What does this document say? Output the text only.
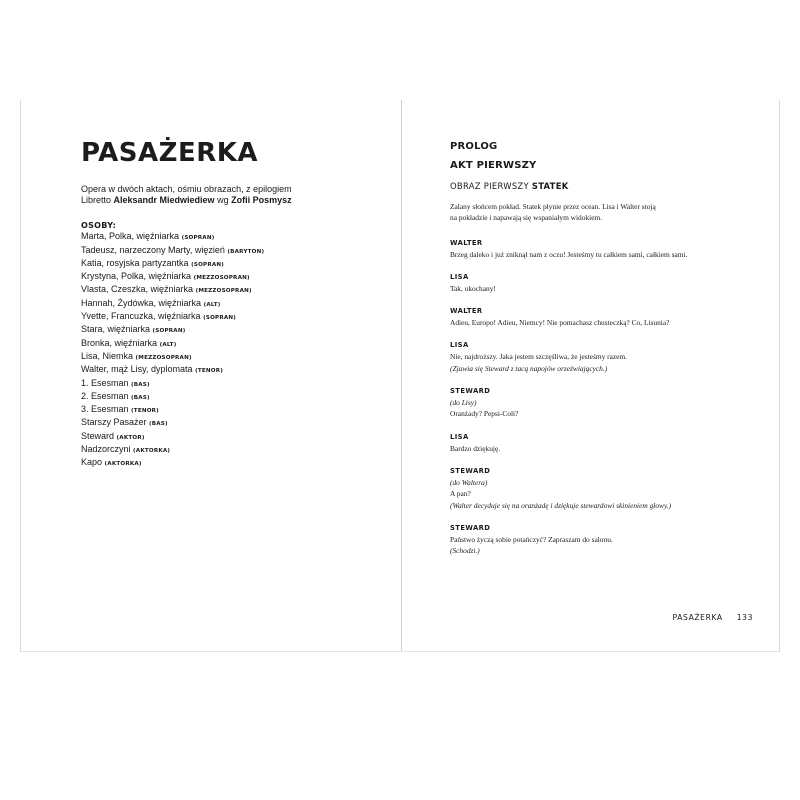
PASAŻERKA
Opera w dwóch aktach, ośmiu obrazach, z epilogiem
Libretto Aleksandr Miedwiediew wg Zofii Posmysz
OSOBY:
Marta, Polka, więźniarka (SOPRAN)
Tadeusz, narzeczony Marty, więzień (BARYTON)
Katia, rosyjska partyzantka (SOPRAN)
Krystyna, Polka, więźniarka (MEZZOSOPRAN)
Vlasta, Czeszka, więźniarka (MEZZOSOPRAN)
Hannah, Żydówka, więźniarka (ALT)
Yvette, Francuzka, więźniarka (SOPRAN)
Stara, więźniarka (SOPRAN)
Bronka, więźniarka (ALT)
Lisa, Niemka (MEZZOSOPRAN)
Walter, mąż Lisy, dyplomata (TENOR)
1. Esesman (BAS)
2. Esesman (BAS)
3. Esesman (TENOR)
Starszy Pasażer (BAS)
Steward (AKTOR)
Nadzorczyni (AKTORKA)
Kapo (AKTORKA)
PROLOG
AKT PIERWSZY
OBRAZ PIERWSZY STATEK
Zalany słońcem pokład. Statek płynie przez ocean. Lisa i Walter stoją
na pokładzie i napawają się wspaniałym widokiem.
WALTER
Brzeg daleko i już zniknął nam z oczu! Jesteśmy tu całkiem sami, całkiem sami.
LISA
Tak, ukochany!
WALTER
Adieu, Europo! Adieu, Niemcy! Nie pomachasz chusteczką? Co, Lisunia?
LISA
Nie, najdroższy. Jaka jestem szczęśliwa, że jesteśmy razem.
(Zjawia się Steward z tacą napojów orzeźwiających.)
STEWARD
(do Lisy)
Oranżady? Pepsi-Coli?
LISA
Bardzo dziękuję.
STEWARD
(do Waltera)
A pan?
(Walter decyduje się na oranżadę i dziękuje stewardowi skinieniem głowy.)
STEWARD
Państwo życzą sobie potańczyć? Zapraszam do salonu.
(Schodzi.)
PASAŻERKA 133
